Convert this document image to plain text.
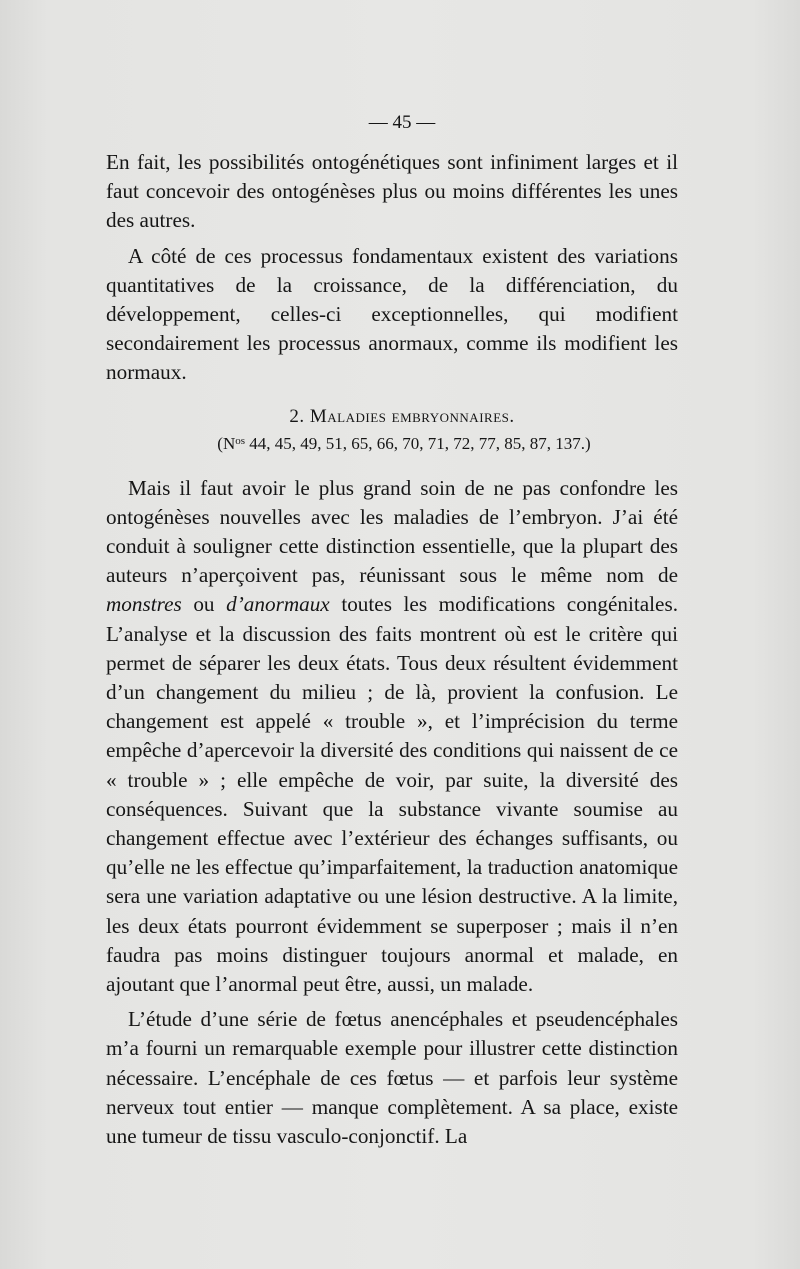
— 45 —

En fait, les possibilités ontogénétiques sont infiniment larges et il faut concevoir des ontogénèses plus ou moins différentes les unes des autres.

A côté de ces processus fondamentaux existent des variations quantitatives de la croissance, de la différenciation, du développement, celles-ci exceptionnelles, qui modifient secondairement les processus anormaux, comme ils modifient les normaux.

2. Maladies embryonnaires.
($N^{os}$ 44, 45, 49, 51, 65, 66, 70, 71, 72, 77, 85, 87, 137.)

Mais il faut avoir le plus grand soin de ne pas confondre les ontogénèses nouvelles avec les maladies de l’embryon. J’ai été conduit à souligner cette distinction essentielle, que la plupart des auteurs n’aperçoivent pas, réunissant sous le même nom de monstres ou d’anormaux toutes les modifications congénitales. L’analyse et la discussion des faits montrent où est le critère qui permet de séparer les deux états. Tous deux résultent évidemment d’un changement du milieu ; de là, provient la confusion. Le changement est appelé « trouble », et l’imprécision du terme empêche d’apercevoir la diversité des conditions qui naissent de ce « trouble » ; elle empêche de voir, par suite, la diversité des conséquences. Suivant que la substance vivante soumise au changement effectue avec l’extérieur des échanges suffisants, ou qu’elle ne les effectue qu’imparfaitement, la traduction anatomique sera une variation adaptative ou une lésion destructive. A la limite, les deux états pourront évidemment se superposer ; mais il n’en faudra pas moins distinguer toujours anormal et malade, en ajoutant que l’anormal peut être, aussi, un malade.

L’étude d’une série de fœtus anencéphales et pseudencéphales m’a fourni un remarquable exemple pour illustrer cette distinction nécessaire. L’encéphale de ces fœtus — et parfois leur système nerveux tout entier — manque complètement. A sa place, existe une tumeur de tissu vasculo-conjonctif. La
